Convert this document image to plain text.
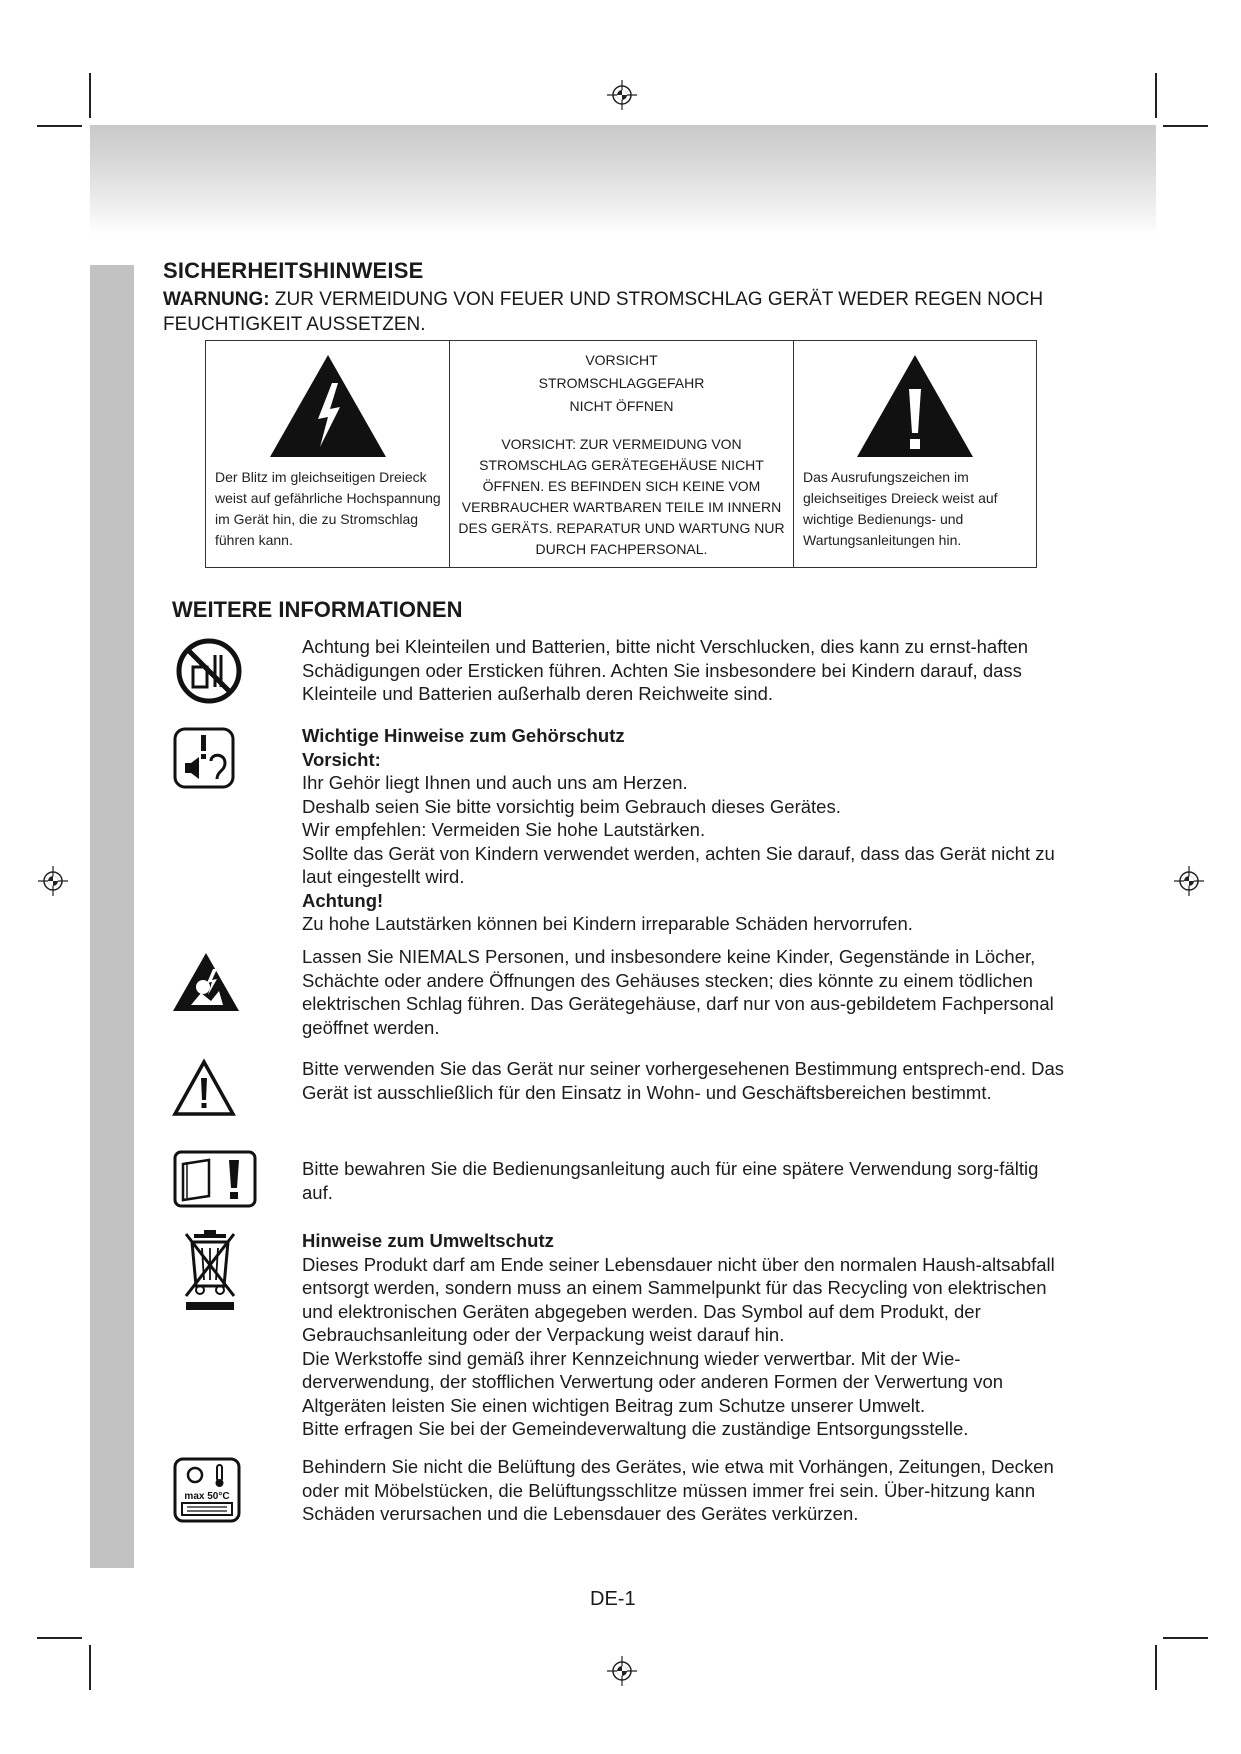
SICHERHEITSHINWEISE

WARNUNG: ZUR VERMEIDUNG VON FEUER UND STROMSCHLAG GERÄT WEDER REGEN NOCH FEUCHTIGKEIT AUSSETZEN.

Der Blitz im gleichseitigen Dreieck weist auf gefährliche Hochspannung im Gerät hin, die zu Stromschlag führen kann.

VORSICHT
STROMSCHLAGGEFAHR
NICHT ÖFFNEN
VORSICHT: ZUR VERMEIDUNG VON STROMSCHLAG GERÄTEGEHÄUSE NICHT ÖFFNEN. ES BEFINDEN SICH KEINE VOM VERBRAUCHER WARTBAREN TEILE IM INNERN DES GERÄTS. REPARATUR UND WARTUNG NUR DURCH FACHPERSONAL.

Das Ausrufungszeichen im gleichseitiges Dreieck weist auf wichtige Bedienungs- und Wartungsanleitungen hin.
WEITERE INFORMATIONEN

Achtung bei Kleinteilen und Batterien, bitte nicht Verschlucken, dies kann zu ernst-haften Schädigungen oder Ersticken führen. Achten Sie insbesondere bei Kindern darauf, dass Kleinteile und Batterien außerhalb deren Reichweite sind.

Wichtige Hinweise zum Gehörschutz
Vorsicht:
Ihr Gehör liegt Ihnen und auch uns am Herzen.
Deshalb seien Sie bitte vorsichtig beim Gebrauch dieses Gerätes.
Wir empfehlen: Vermeiden Sie hohe Lautstärken.
Sollte das Gerät von Kindern verwendet werden, achten Sie darauf, dass das Gerät nicht zu laut eingestellt wird.
Achtung!
Zu hohe Lautstärken können bei Kindern irreparable Schäden hervorrufen.

Lassen Sie NIEMALS Personen, und insbesondere keine Kinder, Gegenstände in Löcher, Schächte oder andere Öffnungen des Gehäuses stecken; dies könnte zu einem tödlichen elektrischen Schlag führen. Das Gerätegehäuse, darf nur von aus-gebildetem Fachpersonal geöffnet werden.

Bitte verwenden Sie das Gerät nur seiner vorhergesehenen Bestimmung entsprech-end. Das Gerät ist ausschließlich für den Einsatz in Wohn- und Geschäftsbereichen bestimmt.

Bitte bewahren Sie die Bedienungsanleitung auch für eine spätere Verwendung sorg-fältig auf.

Hinweise zum Umweltschutz
Dieses Produkt darf am Ende seiner Lebensdauer nicht über den normalen Haush-altsabfall entsorgt werden, sondern muss an einem Sammelpunkt für das Recycling von elektrischen und elektronischen Geräten abgegeben werden. Das Symbol auf dem Produkt, der Gebrauchsanleitung oder der Verpackung weist darauf hin.
Die Werkstoffe sind gemäß ihrer Kennzeichnung wieder verwertbar. Mit der Wie-derverwendung, der stofflichen Verwertung oder anderen Formen der Verwertung von Altgeräten leisten Sie einen wichtigen Beitrag zum Schutze unserer Umwelt.
Bitte erfragen Sie bei der Gemeindeverwaltung die zuständige Entsorgungsstelle.
max 50°C

Behindern Sie nicht die Belüftung des Gerätes, wie etwa mit Vorhängen, Zeitungen, Decken oder mit Möbelstücken, die Belüftungsschlitze müssen immer frei sein. Über-hitzung kann Schäden verursachen und die Lebensdauer des Gerätes verkürzen.

DE-1
